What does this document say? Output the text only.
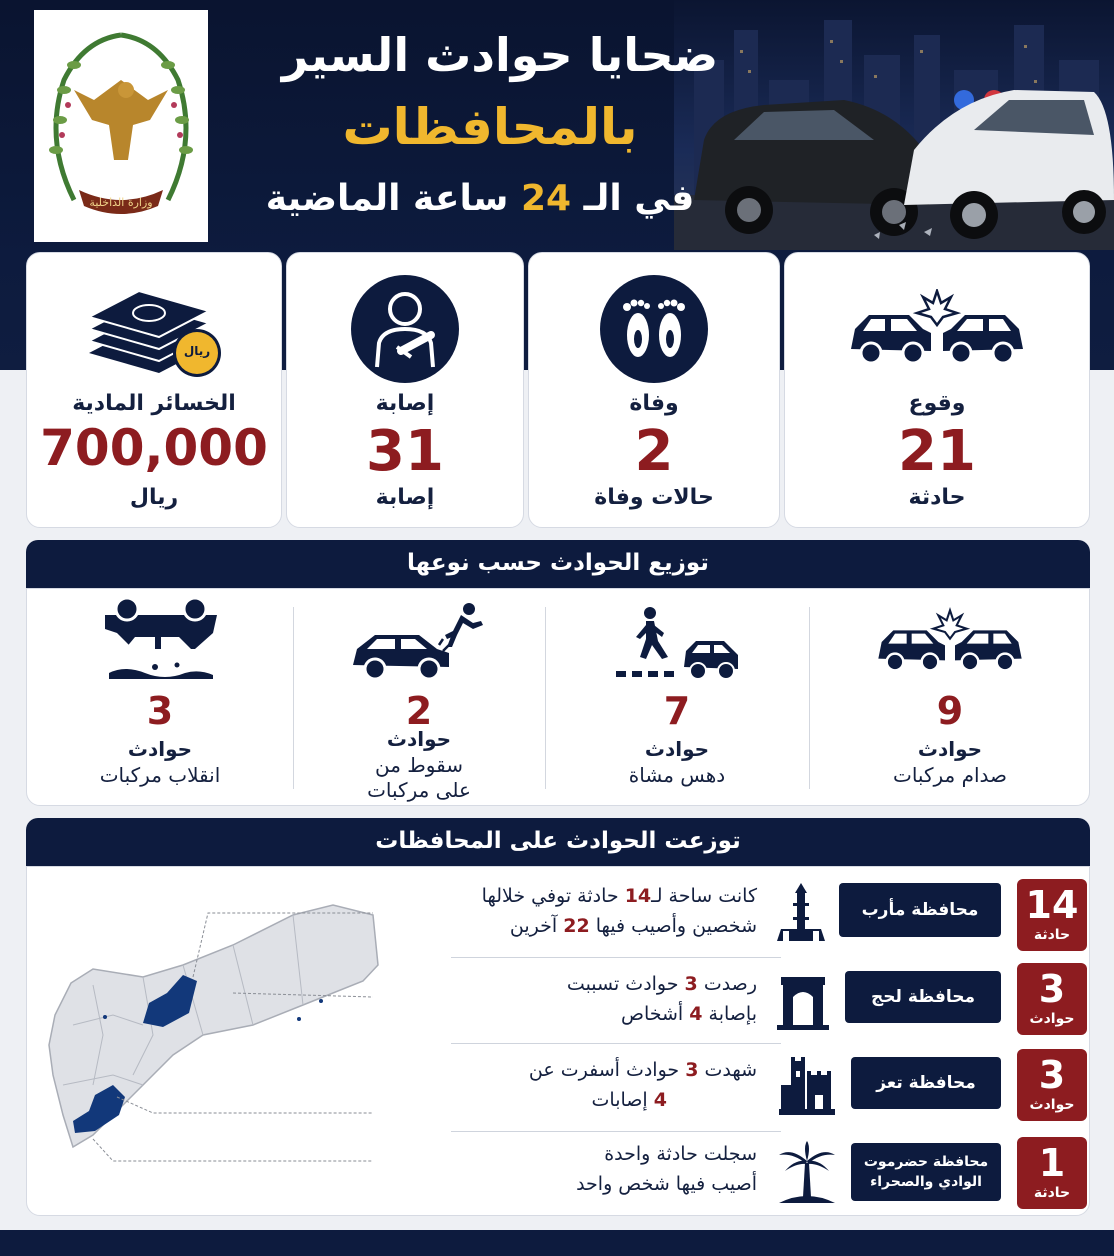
وزارة الداخلية
ضحايا حوادث السير
بالمحافظات
في الـ 24 ساعة الماضية
وقوع
21
حادثة
وفاة
2
حالات وفاة
إصابة
31
إصابة
ريال
الخسائر المادية
700,000
ريال
توزيع الحوادث حسب نوعها
9
حوادث
صدام مركبات
7
حوادث
دهس مشاة
2
حوادث
سقوط من على مركبات
3
حوادث
انقلاب مركبات
توزعت الحوادث على المحافظات
14
حادثة
محافظة مأرب
كانت ساحة لـ14 حادثة توفي خلالها
شخصين وأصيب فيها 22 آخرين
3
حوادث
محافظة لحج
رصدت 3 حوادث تسببت
بإصابة 4 أشخاص
3
حوادث
محافظة تعز
شهدت 3 حوادث أسفرت عن
4 إصابات
1
حادثة
محافظة حضرموت
الوادي والصحراء
سجلت حادثة واحدة
أصيب فيها شخص واحد
